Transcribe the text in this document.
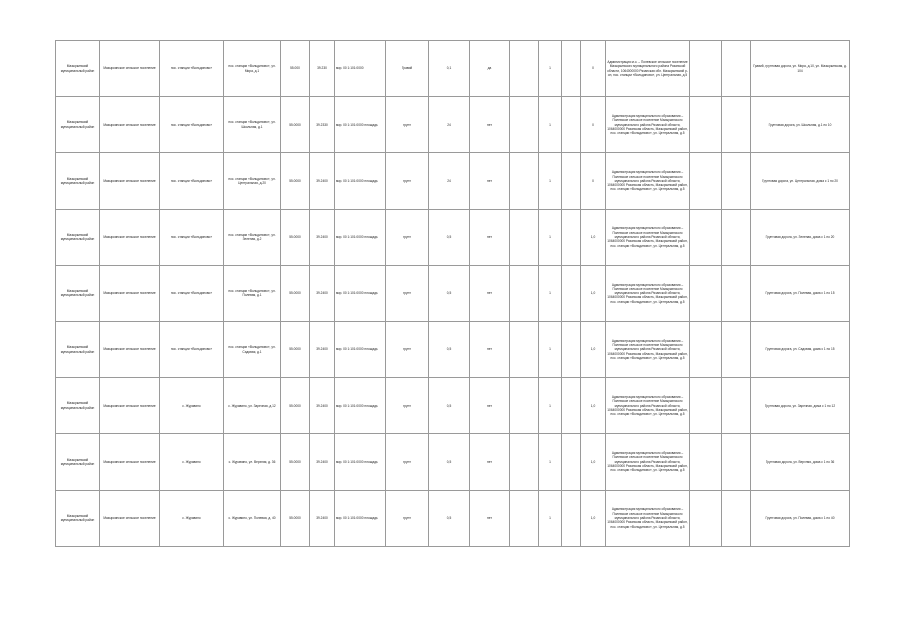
Мазыркинский муниципальный район	Мазыркинское сельское поселение	пос. станции «Вольдиново»	пос. станции «Вольдиново», ул. Мира, д.1	55.000	39.230	мкр. 00 1:101:0000	Гравий	0,1	да		1		0	Администрация м.о. – Полевское сельское поселение Мазыркинского муниципального района Рязанской области, 1064000000 Рязанская обл. Мазыркинский р-он, пос. станции «Вольдиново», ул. Центральная, д.5			Гравий, грунтовая дорога, ул. Мира, д.10, ул. Мазыркинская, д. 104
Мазыркинский муниципальный район	Мазыркинское сельское поселение	пос. станции «Вольдиново»	пос. станции «Вольдиново», ул. Школьная, д.1	55.0000	39.2330	мкр. 00 1:101:0000 площадь	грунт	24	нет		1		0	Администрация муниципального образования – Полевское сельское поселение Мазыркинского муниципального района Рязанской области, 1064000000 Рязанская область, Мазыркинский район, пос. станции «Вольдиново», ул. Центральная, д.5			Грунтовая дорога, ул. Школьная, д.1 по 10
Мазыркинский муниципальный район	Мазыркинское сельское поселение	пос. станции «Вольдиново»	пос. станции «Вольдиново», ул. Центральная, д.20	55.0000	39.2400	мкр. 00 1:101:0000 площадь	грунт	24	нет		1		0	Администрация муниципального образования – Полевское сельское поселение Мазыркинского муниципального района Рязанской области, 1064000000 Рязанская область, Мазыркинский район, пос. станции «Вольдиново», ул. Центральная, д.5			Грунтовая дорога, ул. Центральная, дома с 1 по 20
Мазыркинский муниципальный район	Мазыркинское сельское поселение	пос. станции «Вольдиново»	пос. станции «Вольдиново», ул. Зеленая, д.2	55.0000	39.2400	мкр. 00 1:101:0000 площадь	грунт	0,5	нет		1		1,0	Администрация муниципального образования – Полевское сельское поселение Мазыркинского муниципального района Рязанской области, 1064000000 Рязанская область, Мазыркинский район, пос. станции «Вольдиново», ул. Центральная, д.5			Грунтовая дорога, ул. Зеленая, дома с 1 по 20
Мазыркинский муниципальный район	Мазыркинское сельское поселение	пос. станции «Вольдиново»	пос. станции «Вольдиново», ул. Полевая, д.1	55.0000	39.2400	мкр. 00 1:101:0000 площадь	грунт	0,5	нет		1		1,0	Администрация муниципального образования – Полевское сельское поселение Мазыркинского муниципального района Рязанской области, 1064000000 Рязанская область, Мазыркинский район, пос. станции «Вольдиново», ул. Центральная, д.5			Грунтовая дорога, ул. Полевая, дома с 1 по 15
Мазыркинский муниципальный район	Мазыркинское сельское поселение	пос. станции «Вольдиново»	пос. станции «Вольдиново», ул. Садовая, д.1	55.0000	39.2400	мкр. 00 1:101:0000 площадь	грунт	0,5	нет		1		1,0	Администрация муниципального образования – Полевское сельское поселение Мазыркинского муниципального района Рязанской области, 1064000000 Рязанская область, Мазыркинский район, пос. станции «Вольдиново», ул. Центральная, д.5			Грунтовая дорога, ул. Садовая, дома с 1 по 15
Мазыркинский муниципальный район	Мазыркинское сельское поселение	с. Журавино	с. Журавино, ул. Заречная, д.12	55.0000	39.2400	мкр. 00 1:101:0000 площадь	грунт	0,5	нет		1		1,0	Администрация муниципального образования – Полевское сельское поселение Мазыркинского муниципального района Рязанской области, 1064000000 Рязанская область, Мазыркинский район, пос. станции «Вольдиново», ул. Центральная, д.5			Грунтовая дорога, ул. Заречная, дома с 1 по 12
Мазыркинский муниципальный район	Мазыркинское сельское поселение	с. Журавино	с. Журавино, ул. Верхняя, д. 36	55.0000	39.2400	мкр. 00 1:101:0000 площадь	грунт	0,5	нет		1		1,0	Администрация муниципального образования – Полевское сельское поселение Мазыркинского муниципального района Рязанской области, 1064000000 Рязанская область, Мазыркинский район, пос. станции «Вольдиново», ул. Центральная, д.5			Грунтовая дорога, ул. Верхняя, дома с 1 по 36
Мазыркинский муниципальный район	Мазыркинское сельское поселение	с. Журавино	с. Журавино, ул. Полевая, д. 40	55.0000	39.2400	мкр. 00 1:101:0000 площадь	грунт	0,5	нет		1		1,0	Администрация муниципального образования – Полевское сельское поселение Мазыркинского муниципального района Рязанской области, 1064000000 Рязанская область, Мазыркинский район, пос. станции «Вольдиново», ул. Центральная, д.5			Грунтовая дорога, ул. Полевая, дома с 1 по 40
